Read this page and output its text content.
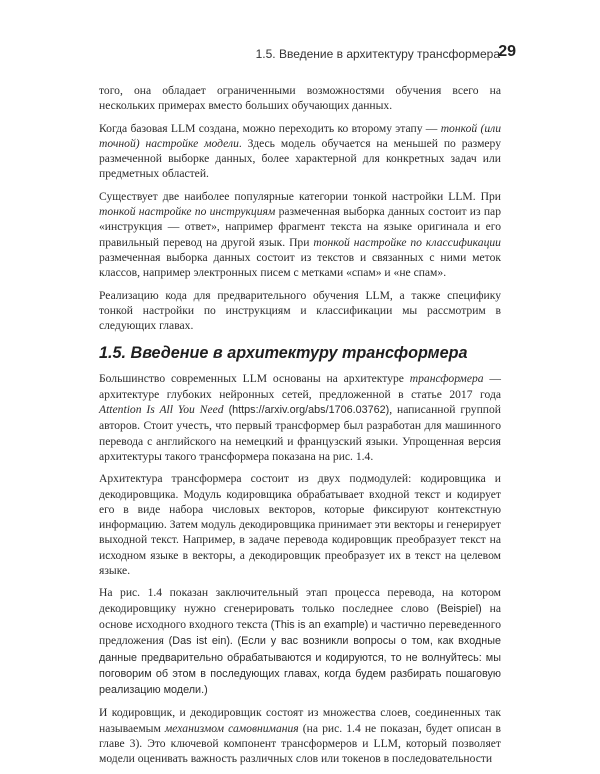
1.5. Введение в архитектуру трансформера
29

того, она обладает ограниченными возможностями обучения всего на нескольких примерах вместо больших обучающих данных.

Когда базовая LLM создана, можно переходить ко второму этапу — тонкой (или точной) настройке модели. Здесь модель обучается на меньшей по размеру размеченной выборке данных, более характерной для конкретных задач или предметных областей.

Существует две наиболее популярные категории тонкой настройки LLM. При тонкой настройке по инструкциям размеченная выборка данных состоит из пар «инструкция — ответ», например фрагмент текста на языке оригинала и его правильный перевод на другой язык. При тонкой настройке по классификации размеченная выборка данных состоит из текстов и связанных с ними меток классов, например электронных писем с метками «спам» и «не спам».

Реализацию кода для предварительного обучения LLM, а также специфику тонкой настройки по инструкциям и классификации мы рассмотрим в следующих главах.

1.5. Введение в архитектуру трансформера

Большинство современных LLM основаны на архитектуре трансформера — архитектуре глубоких нейронных сетей, предложенной в статье 2017 года Attention Is All You Need (https://arxiv.org/abs/1706.03762), написанной группой авторов. Стоит учесть, что первый трансформер был разработан для машинного перевода с английского на немецкий и французский языки. Упрощенная версия архитектуры такого трансформера показана на рис. 1.4.

Архитектура трансформера состоит из двух подмодулей: кодировщика и декодировщика. Модуль кодировщика обрабатывает входной текст и кодирует его в виде набора числовых векторов, которые фиксируют контекстную информацию. Затем модуль декодировщика принимает эти векторы и генерирует выходной текст. Например, в задаче перевода кодировщик преобразует текст на исходном языке в векторы, а декодировщик преобразует их в текст на целевом языке.

На рис. 1.4 показан заключительный этап процесса перевода, на котором декодировщику нужно сгенерировать только последнее слово (Beispiel) на основе исходного входного текста (This is an example) и частично переведенного предложения (Das ist ein). (Если у вас возникли вопросы о том, как входные данные предварительно обрабатываются и кодируются, то не волнуйтесь: мы поговорим об этом в последующих главах, когда будем разбирать пошаговую реализацию модели.)

И кодировщик, и декодировщик состоят из множества слоев, соединенных так называемым механизмом самовнимания (на рис. 1.4 не показан, будет описан в главе 3). Это ключевой компонент трансформеров и LLM, который позволяет модели оценивать важность различных слов или токенов в последовательности
